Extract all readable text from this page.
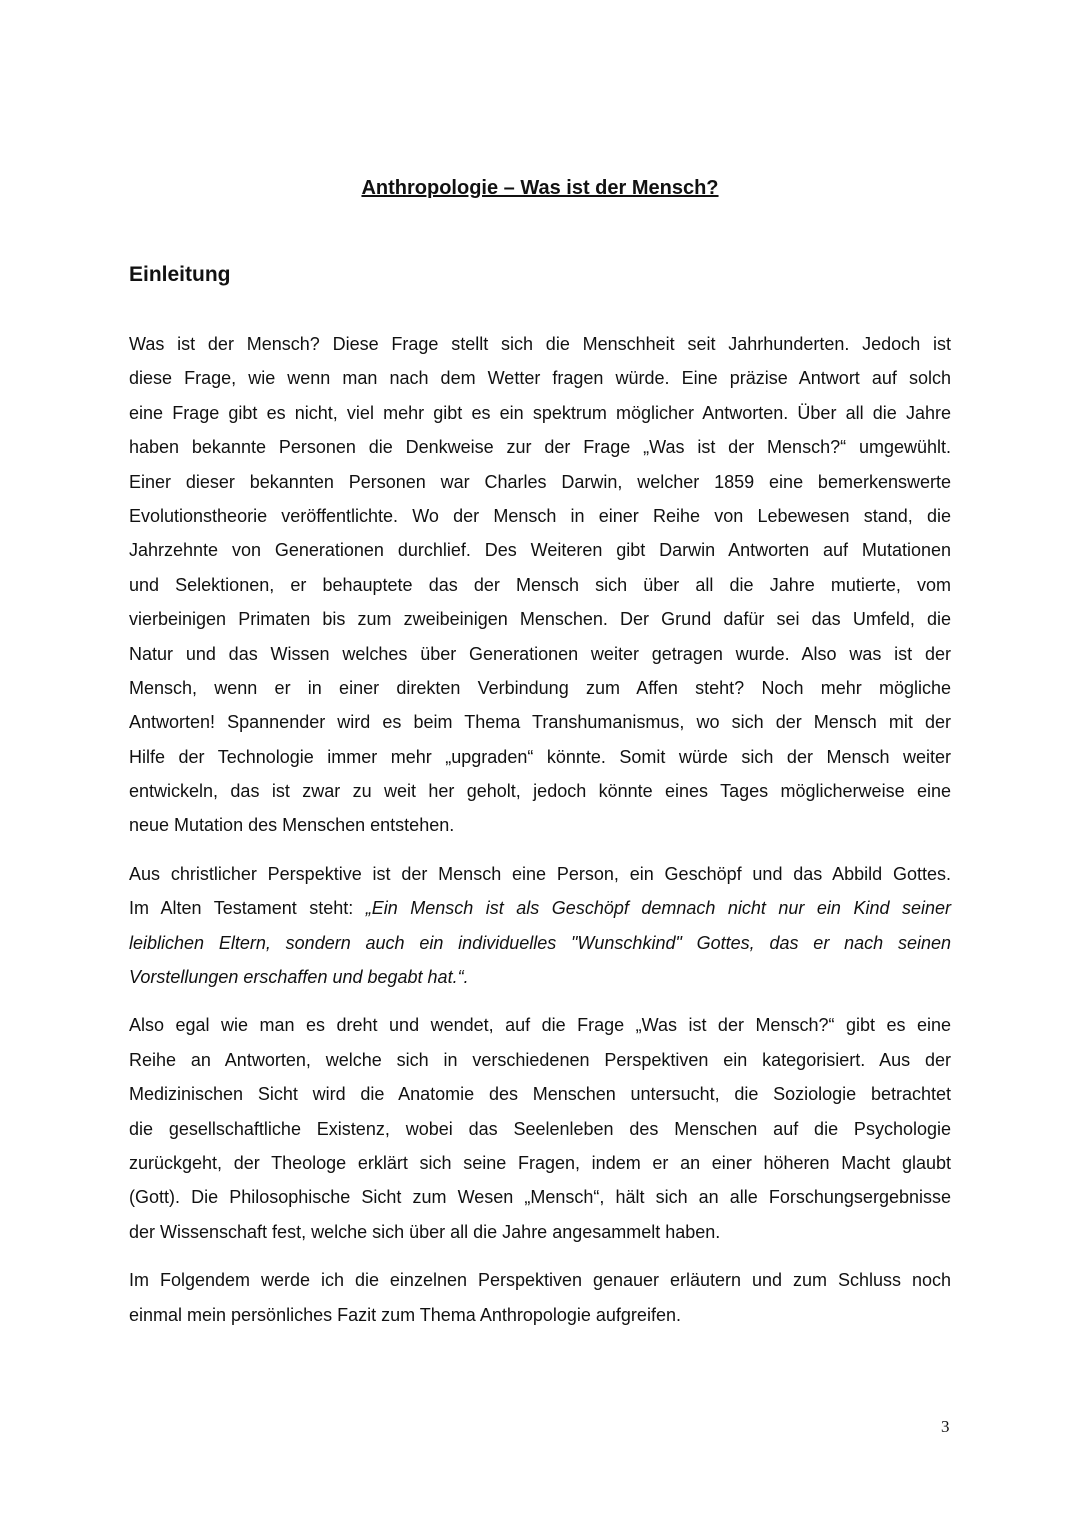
Anthropologie – Was ist der Mensch?
Einleitung
Was ist der Mensch? Diese Frage stellt sich die Menschheit seit Jahrhunderten. Jedoch ist
diese Frage, wie wenn man nach dem Wetter fragen würde. Eine präzise Antwort auf solch
eine Frage gibt es nicht, viel mehr gibt es ein spektrum möglicher Antworten. Über all die Jahre
haben bekannte Personen die Denkweise zur der Frage „Was ist der Mensch?“ umgewühlt.
Einer dieser bekannten Personen war Charles Darwin, welcher 1859 eine bemerkenswerte
Evolutionstheorie veröffentlichte. Wo der Mensch in einer Reihe von Lebewesen stand, die
Jahrzehnte von Generationen durchlief. Des Weiteren gibt Darwin Antworten auf Mutationen
und Selektionen, er behauptete das der Mensch sich über all die Jahre mutierte, vom
vierbeinigen Primaten bis zum zweibeinigen Menschen. Der Grund dafür sei das Umfeld, die
Natur und das Wissen welches über Generationen weiter getragen wurde. Also was ist der
Mensch, wenn er in einer direkten Verbindung zum Affen steht? Noch mehr mögliche
Antworten! Spannender wird es beim Thema Transhumanismus, wo sich der Mensch mit der
Hilfe der Technologie immer mehr „upgraden“ könnte. Somit würde sich der Mensch weiter
entwickeln, das ist zwar zu weit her geholt, jedoch könnte eines Tages möglicherweise eine
neue Mutation des Menschen entstehen.
Aus christlicher Perspektive ist der Mensch eine Person, ein Geschöpf und das Abbild Gottes.
Im Alten Testament steht: „Ein Mensch ist als Geschöpf demnach nicht nur ein Kind seiner
leiblichen Eltern, sondern auch ein individuelles "Wunschkind" Gottes, das er nach seinen
Vorstellungen erschaffen und begabt hat.“.
Also egal wie man es dreht und wendet, auf die Frage „Was ist der Mensch?“ gibt es eine
Reihe an Antworten, welche sich in verschiedenen Perspektiven ein kategorisiert. Aus der
Medizinischen Sicht wird die Anatomie des Menschen untersucht, die Soziologie betrachtet
die gesellschaftliche Existenz, wobei das Seelenleben des Menschen auf die Psychologie
zurückgeht, der Theologe erklärt sich seine Fragen, indem er an einer höheren Macht glaubt
(Gott). Die Philosophische Sicht zum Wesen „Mensch“, hält sich an alle Forschungsergebnisse
der Wissenschaft fest, welche sich über all die Jahre angesammelt haben.
Im Folgendem werde ich die einzelnen Perspektiven genauer erläutern und zum Schluss noch
einmal mein persönliches Fazit zum Thema Anthropologie aufgreifen.
3
